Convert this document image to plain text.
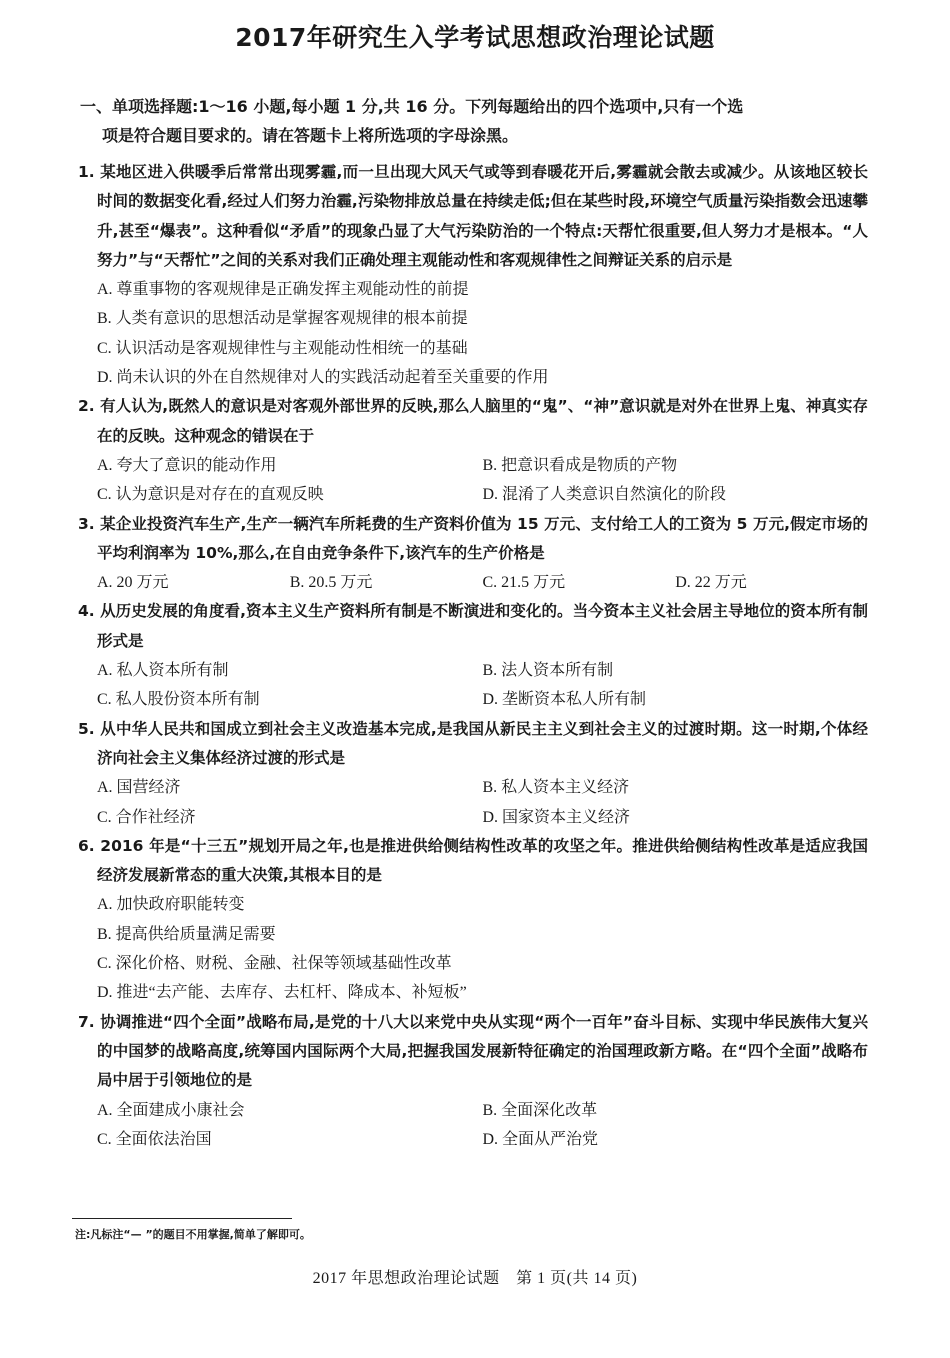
2017年研究生入学考试思想政治理论试题
一、单项选择题:1～16 小题,每小题 1 分,共 16 分。下列每题给出的四个选项中,只有一个选
项是符合题目要求的。请在答题卡上将所选项的字母涂黑。
1. 某地区进入供暖季后常常出现雾霾,而一旦出现大风天气或等到春暖花开后,雾霾就会散去或减少。从该地区较长时间的数据变化看,经过人们努力治霾,污染物排放总量在持续走低;但在某些时段,环境空气质量污染指数会迅速攀升,甚至“爆表”。这种看似“矛盾”的现象凸显了大气污染防治的一个特点:天帮忙很重要,但人努力才是根本。“人努力”与“天帮忙”之间的关系对我们正确处理主观能动性和客观规律性之间辩证关系的启示是
A. 尊重事物的客观规律是正确发挥主观能动性的前提
B. 人类有意识的思想活动是掌握客观规律的根本前提
C. 认识活动是客观规律性与主观能动性相统一的基础
D. 尚未认识的外在自然规律对人的实践活动起着至关重要的作用
2. 有人认为,既然人的意识是对客观外部世界的反映,那么人脑里的“鬼”、“神”意识就是对外在世界上鬼、神真实存在的反映。这种观念的错误在于
A. 夸大了意识的能动作用	B. 把意识看成是物质的产物
C. 认为意识是对存在的直观反映	D. 混淆了人类意识自然演化的阶段
3. 某企业投资汽车生产,生产一辆汽车所耗费的生产资料价值为 15 万元、支付给工人的工资为 5 万元,假定市场的平均利润率为 10%,那么,在自由竞争条件下,该汽车的生产价格是
A. 20 万元	B. 20.5 万元	C. 21.5 万元	D. 22 万元
4. 从历史发展的角度看,资本主义生产资料所有制是不断演进和变化的。当今资本主义社会居主导地位的资本所有制形式是
A. 私人资本所有制	B. 法人资本所有制
C. 私人股份资本所有制	D. 垄断资本私人所有制
5. 从中华人民共和国成立到社会主义改造基本完成,是我国从新民主主义到社会主义的过渡时期。这一时期,个体经济向社会主义集体经济过渡的形式是
A. 国营经济	B. 私人资本主义经济
C. 合作社经济	D. 国家资本主义经济
6. 2016 年是“十三五”规划开局之年,也是推进供给侧结构性改革的攻坚之年。推进供给侧结构性改革是适应我国经济发展新常态的重大决策,其根本目的是
A. 加快政府职能转变
B. 提高供给质量满足需要
C. 深化价格、财税、金融、社保等领域基础性改革
D. 推进“去产能、去库存、去杠杆、降成本、补短板”
7. 协调推进“四个全面”战略布局,是党的十八大以来党中央从实现“两个一百年”奋斗目标、实现中华民族伟大复兴的中国梦的战略高度,统筹国内国际两个大局,把握我国发展新特征确定的治国理政新方略。在“四个全面”战略布局中居于引领地位的是
A. 全面建成小康社会	B. 全面深化改革
C. 全面依法治国	D. 全面从严治党
注:凡标注“— ”的题目不用掌握,简单了解即可。
2017 年思想政治理论试题　第 1 页(共 14 页)
